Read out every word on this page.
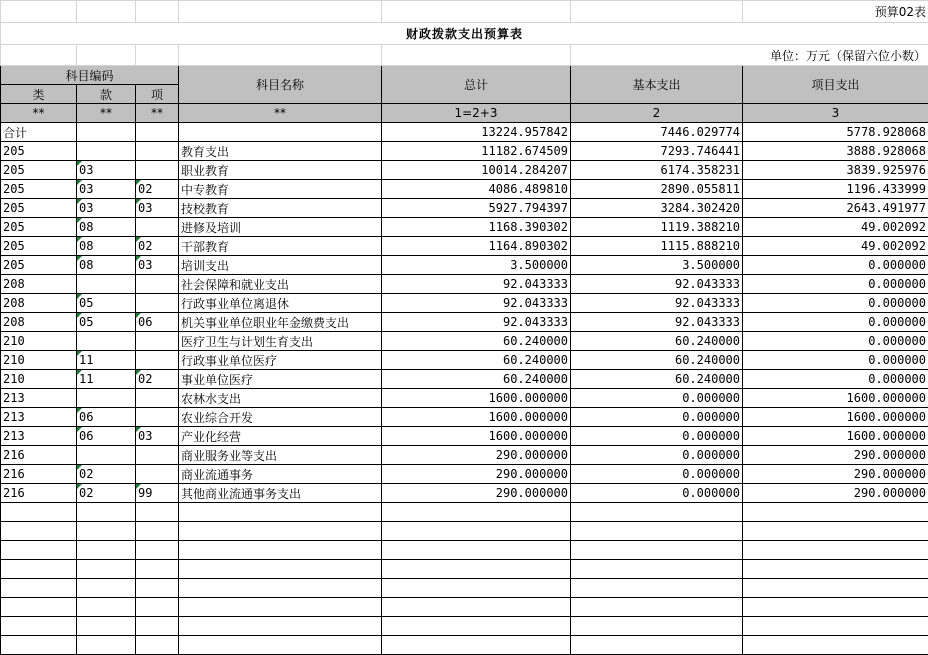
						预算02表
财政拨款支出预算表						
					单位：万元（保留六位小数）	
科目编码			科目名称	总计	基本支出	项目支出
类	款	项				
**	**	**	**	1=2+3	2	3
合计				13224.957842	7446.029774	5778.928068
205			教育支出	11182.674509	7293.746441	3888.928068
205	03		职业教育	10014.284207	6174.358231	3839.925976
205	03	02	中专教育	4086.489810	2890.055811	1196.433999
205	03	03	技校教育	5927.794397	3284.302420	2643.491977
205	08		进修及培训	1168.390302	1119.388210	49.002092
205	08	02	干部教育	1164.890302	1115.888210	49.002092
205	08	03	培训支出	3.500000	3.500000	0.000000
208			社会保障和就业支出	92.043333	92.043333	0.000000
208	05		行政事业单位离退休	92.043333	92.043333	0.000000
208	05	06	机关事业单位职业年金缴费支出	92.043333	92.043333	0.000000
210			医疗卫生与计划生育支出	60.240000	60.240000	0.000000
210	11		行政事业单位医疗	60.240000	60.240000	0.000000
210	11	02	事业单位医疗	60.240000	60.240000	0.000000
213			农林水支出	1600.000000	0.000000	1600.000000
213	06		农业综合开发	1600.000000	0.000000	1600.000000
213	06	03	产业化经营	1600.000000	0.000000	1600.000000
216			商业服务业等支出	290.000000	0.000000	290.000000
216	02		商业流通事务	290.000000	0.000000	290.000000
216	02	99	其他商业流通事务支出	290.000000	0.000000	290.000000
